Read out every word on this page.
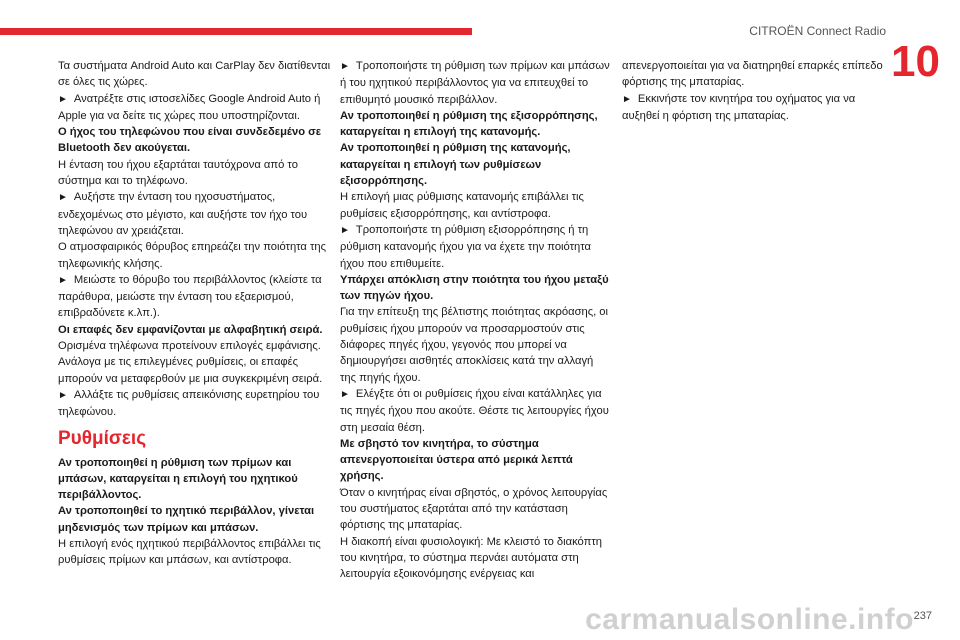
CITROËN Connect Radio
10

Τα συστήματα Android Auto και CarPlay δεν διατίθενται σε όλες τις χώρες.

► Ανατρέξτε στις ιστοσελίδες Google Android Auto ή Apple για να δείτε τις χώρες που υποστηρίζονται.

Ο ήχος του τηλεφώνου που είναι συνδεδεμένο σε Bluetooth δεν ακούγεται.

Η ένταση του ήχου εξαρτάται ταυτόχρονα από το σύστημα και το τηλέφωνο.

► Αυξήστε την ένταση του ηχοσυστήματος, ενδεχομένως στο μέγιστο, και αυξήστε τον ήχο του τηλεφώνου αν χρειάζεται.

Ο ατμοσφαιρικός θόρυβος επηρεάζει την ποιότητα της τηλεφωνικής κλήσης.

► Μειώστε το θόρυβο του περιβάλλοντος (κλείστε τα παράθυρα, μειώστε την ένταση του εξαερισμού, επιβραδύνετε κ.λπ.).

Οι επαφές δεν εμφανίζονται με αλφαβητική σειρά.

Ορισμένα τηλέφωνα προτείνουν επιλογές εμφάνισης. Ανάλογα με τις επιλεγμένες ρυθμίσεις, οι επαφές μπορούν να μεταφερθούν με μια συγκεκριμένη σειρά.

► Αλλάξτε τις ρυθμίσεις απεικόνισης ευρετηρίου του τηλεφώνου.

Ρυθμίσεις

Αν τροποποιηθεί η ρύθμιση των πρίμων και μπάσων, καταργείται η επιλογή του ηχητικού περιβάλλοντος.

Αν τροποποιηθεί το ηχητικό περιβάλλον, γίνεται μηδενισμός των πρίμων και μπάσων.

Η επιλογή ενός ηχητικού περιβάλλοντος επιβάλλει τις ρυθμίσεις πρίμων και μπάσων, και αντίστροφα.

► Τροποποιήστε τη ρύθμιση των πρίμων και μπάσων ή του ηχητικού περιβάλλοντος για να επιτευχθεί το επιθυμητό μουσικό περιβάλλον.

Αν τροποποιηθεί η ρύθμιση της εξισορρόπησης, καταργείται η επιλογή της κατανομής.

Αν τροποποιηθεί η ρύθμιση της κατανομής, καταργείται η επιλογή των ρυθμίσεων εξισορρόπησης.

Η επιλογή μιας ρύθμισης κατανομής επιβάλλει τις ρυθμίσεις εξισορρόπησης, και αντίστροφα.

► Τροποποιήστε τη ρύθμιση εξισορρόπησης ή τη ρύθμιση κατανομής ήχου για να έχετε την ποιότητα ήχου που επιθυμείτε.

Υπάρχει απόκλιση στην ποιότητα του ήχου μεταξύ των πηγών ήχου.

Για την επίτευξη της βέλτιστης ποιότητας ακρόασης, οι ρυθμίσεις ήχου μπορούν να προσαρμοστούν στις διάφορες πηγές ήχου, γεγονός που μπορεί να δημιουργήσει αισθητές αποκλίσεις κατά την αλλαγή της πηγής ήχου.

► Ελέγξτε ότι οι ρυθμίσεις ήχου είναι κατάλληλες για τις πηγές ήχου που ακούτε. Θέστε τις λειτουργίες ήχου στη μεσαία θέση.

Με σβηστό τον κινητήρα, το σύστημα απενεργοποιείται ύστερα από μερικά λεπτά χρήσης.

Όταν ο κινητήρας είναι σβηστός, ο χρόνος λειτουργίας του συστήματος εξαρτάται από την κατάσταση φόρτισης της μπαταρίας.

Η διακοπή είναι φυσιολογική: Με κλειστό το διακόπτη του κινητήρα, το σύστημα περνάει αυτόματα στη λειτουργία εξοικονόμησης ενέργειας και

απενεργοποιείται για να διατηρηθεί επαρκές επίπεδο φόρτισης της μπαταρίας.

► Εκκινήστε τον κινητήρα του οχήματος για να αυξηθεί η φόρτιση της μπαταρίας.

carmanualsonline.info 237
